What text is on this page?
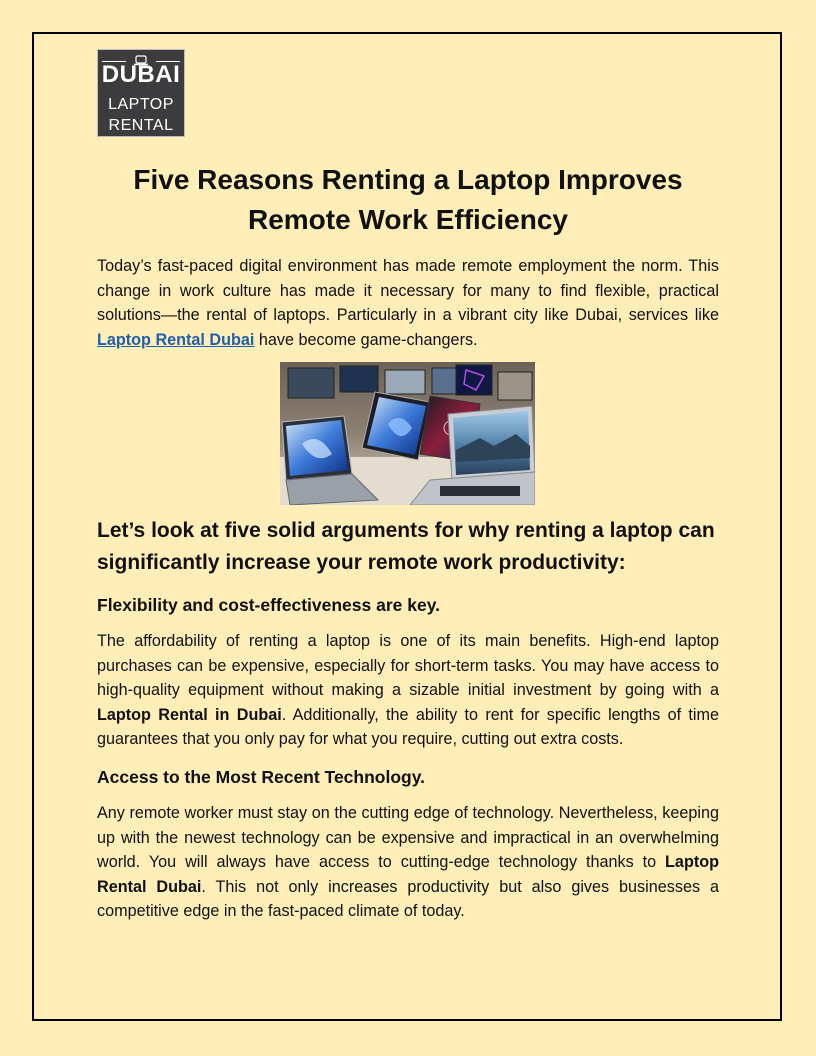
DUBAI
LAPTOP
RENTAL
Five Reasons Renting a Laptop Improves
Remote Work Efficiency

Today’s fast-paced digital environment has made remote employment the norm. This change in work culture has made it necessary for many to find flexible, practical solutions—the rental of laptops. Particularly in a vibrant city like Dubai, services like Laptop Rental Dubai have become game-changers.

Let’s look at five solid arguments for why renting a laptop can significantly increase your remote work productivity:
Flexibility and cost-effectiveness are key.

The affordability of renting a laptop is one of its main benefits. High-end laptop purchases can be expensive, especially for short-term tasks. You may have access to high-quality equipment without making a sizable initial investment by going with a Laptop Rental in Dubai. Additionally, the ability to rent for specific lengths of time guarantees that you only pay for what you require, cutting out extra costs.

Access to the Most Recent Technology.

Any remote worker must stay on the cutting edge of technology. Nevertheless, keeping up with the newest technology can be expensive and impractical in an overwhelming world. You will always have access to cutting-edge technology thanks to Laptop Rental Dubai. This not only increases productivity but also gives businesses a competitive edge in the fast-paced climate of today.
